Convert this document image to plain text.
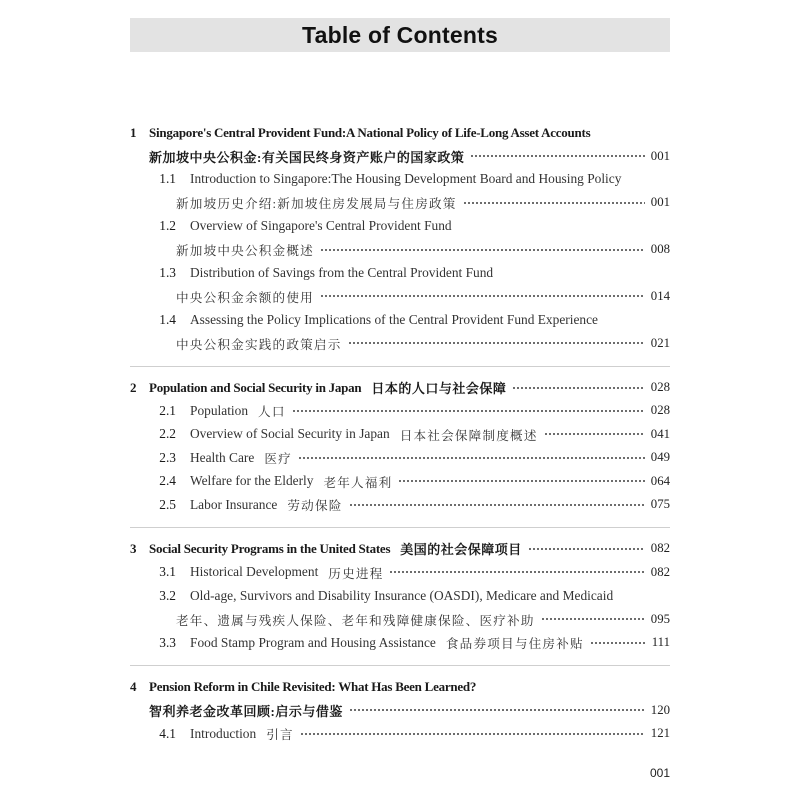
Table of Contents
1 Singapore's Central Provident Fund:A National Policy of Life-Long Asset Accounts
新加坡中央公积金:有关国民终身资产账户的国家政策	001
1.1	Introduction to Singapore:The Housing Development Board and Housing Policy
新加坡历史介绍:新加坡住房发展局与住房政策	001
1.2	Overview of Singapore's Central Provident Fund
新加坡中央公积金概述	008
1.3	Distribution of Savings from the Central Provident Fund
中央公积金余额的使用	014
1.4	Assessing the Policy Implications of the Central Provident Fund Experience
中央公积金实践的政策启示	021
2 Population and Social Security in Japan 日本的人口与社会保障	028
2.1	Population 人口	028
2.2	Overview of Social Security in Japan 日本社会保障制度概述	041
2.3	Health Care 医疗	049
2.4	Welfare for the Elderly 老年人福利	064
2.5	Labor Insurance 劳动保险	075
3 Social Security Programs in the United States 美国的社会保障项目	082
3.1	Historical Development 历史进程	082
3.2	Old-age, Survivors and Disability Insurance (OASDI), Medicare and Medicaid
老年、遗属与残疾人保险、老年和残障健康保险、医疗补助	095
3.3	Food Stamp Program and Housing Assistance 食品券项目与住房补贴	111
4 Pension Reform in Chile Revisited: What Has Been Learned?
智利养老金改革回顾:启示与借鉴	120
4.1	Introduction 引言	121
001
